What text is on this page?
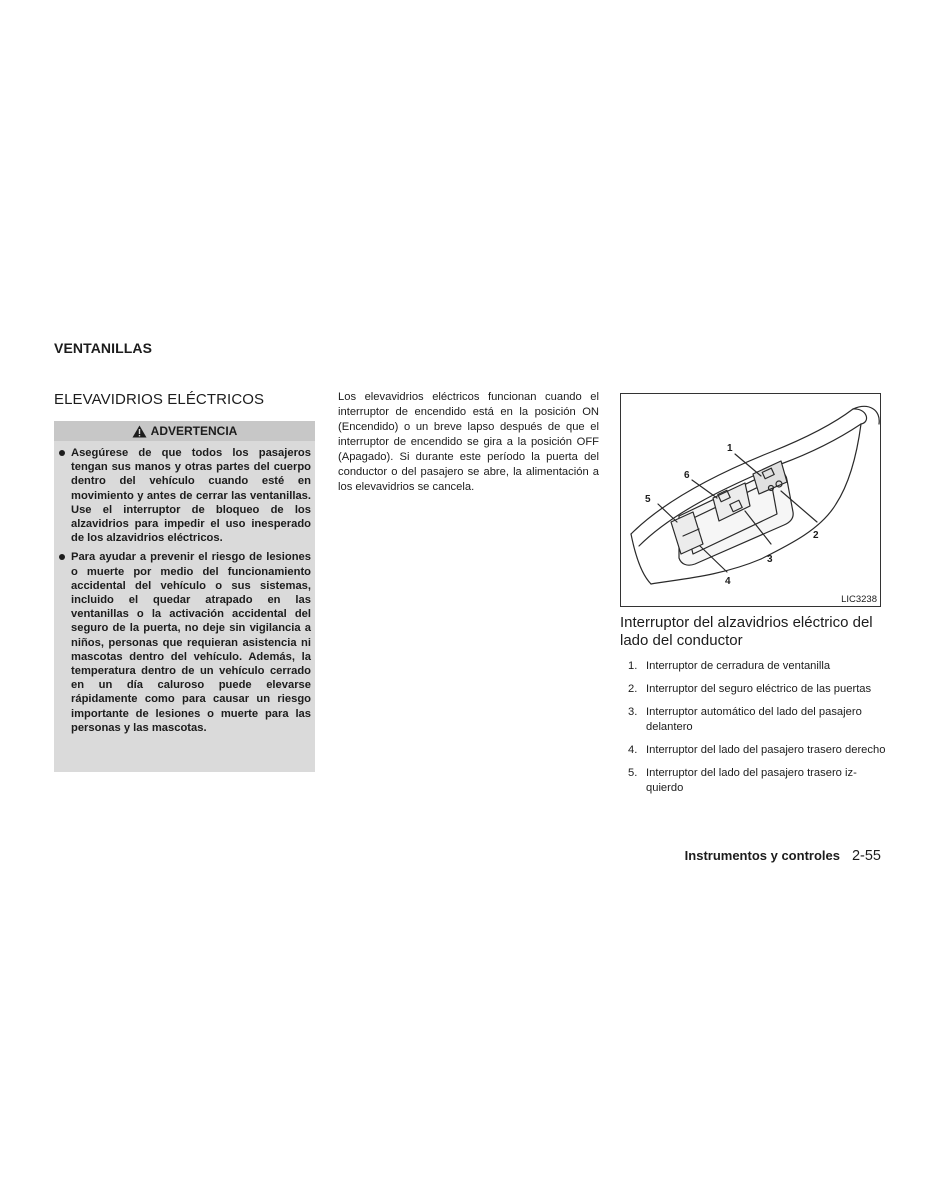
VENTANILLAS
ELEVAVIDRIOS ELÉCTRICOS
ADVERTENCIA
Asegúrese de que todos los pasajeros tengan sus manos y otras partes del cuerpo dentro del vehículo cuando esté en movimiento y antes de cerrar las ventanillas. Use el interruptor de bloqueo de los alzavidrios para impedir el uso inesperado de los alzavidrios eléctricos.
Para ayudar a prevenir el riesgo de lesiones o muerte por medio del funcionamiento accidental del vehículo o sus sistemas, incluido el quedar atrapado en las ventanillas o la activación accidental del seguro de la puerta, no deje sin vigilancia a niños, personas que requieran asistencia ni mascotas dentro del vehículo. Además, la temperatura dentro de un vehículo cerrado en un día caluroso puede elevarse rápidamente como para causar un riesgo importante de lesiones o muerte para las personas y las mascotas.

Los elevavidrios eléctricos funcionan cuando el interruptor de encendido está en la posición ON (Encendido) o un breve lapso después de que el interruptor de encendido se gira a la posición OFF (Apagado). Si durante este período la puerta del conductor o del pasajero se abre, la alimentación a los elevavidrios se cancela.

1
2
3
4
5
6
LIC3238

Interruptor del alzavidrios eléctrico del lado del conductor

1. Interruptor de cerradura de ventanilla
2. Interruptor del seguro eléctrico de las puertas
3. Interruptor automático del lado del pasajero delantero
4. Interruptor del lado del pasajero trasero derecho
5. Interruptor del lado del pasajero trasero izquierdo
Instrumentos y controles 2-55
